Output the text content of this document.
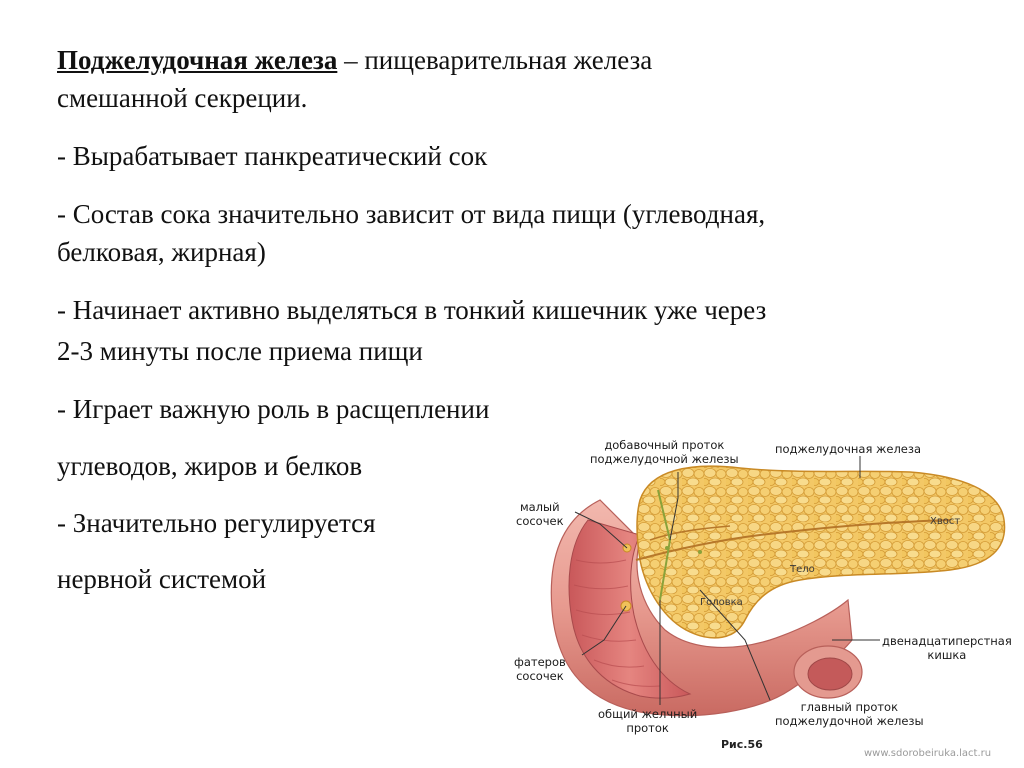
Поджелудочная железа – пищеварительная железа
смешанной секреции.
- Вырабатывает панкреатический сок
- Состав сока значительно зависит от вида пищи (углеводная,
белковая, жирная)
- Начинает активно выделяться в тонкий кишечник уже через
2-3 минуты после приема пищи
- Играет важную роль в расщеплении
углеводов, жиров и белков
- Значительно регулируется
нервной системой
добавочный проток
поджелудочной железы
поджелудочная железа
малый
сосочек	Хвост
Тело
Головка
двенадцатиперстная
кишка
фатеров
сосочек
общий желчный
проток
главный проток
поджелудочной железы
Рис.56
www.sdorobeiruka.lact.ru
